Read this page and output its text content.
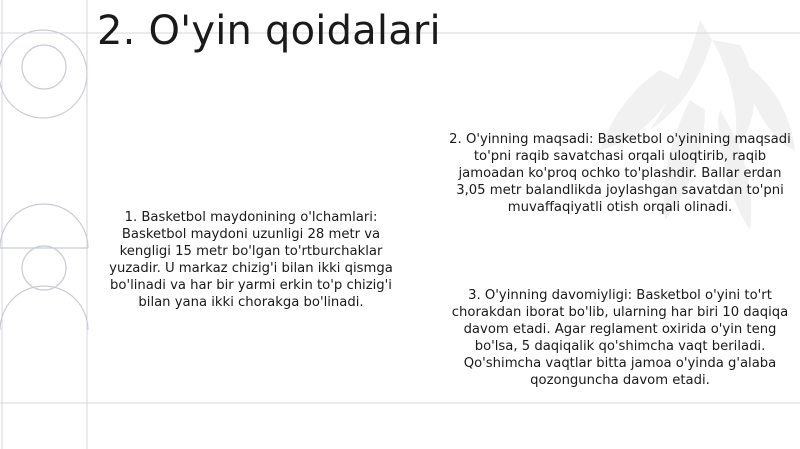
2. O'yin qoidalari
1. Basketbol maydonining o'lchamlari: Basketbol maydoni uzunligi 28 metr va kengligi 15 metr bo'lgan to'rtburchaklar yuzadir. U markaz chizig'i bilan ikki qismga bo'linadi va har bir yarmi erkin to'p chizig'i bilan yana ikki chorakga bo'linadi.
2. O'yinning maqsadi: Basketbol o'yinining maqsadi to'pni raqib savatchasi orqali uloqtirib, raqib jamoadan ko'proq ochko to'plashdir. Ballar erdan 3,05 metr balandlikda joylashgan savatdan to'pni muvaffaqiyatli otish orqali olinadi.
3. O'yinning davomiyligi: Basketbol o'yini to'rt chorakdan iborat bo'lib, ularning har biri 10 daqiqa davom etadi. Agar reglament oxirida o'yin teng bo'lsa, 5 daqiqalik qo'shimcha vaqt beriladi. Qo'shimcha vaqtlar bitta jamoa o'yinda g'alaba qozonguncha davom etadi.
